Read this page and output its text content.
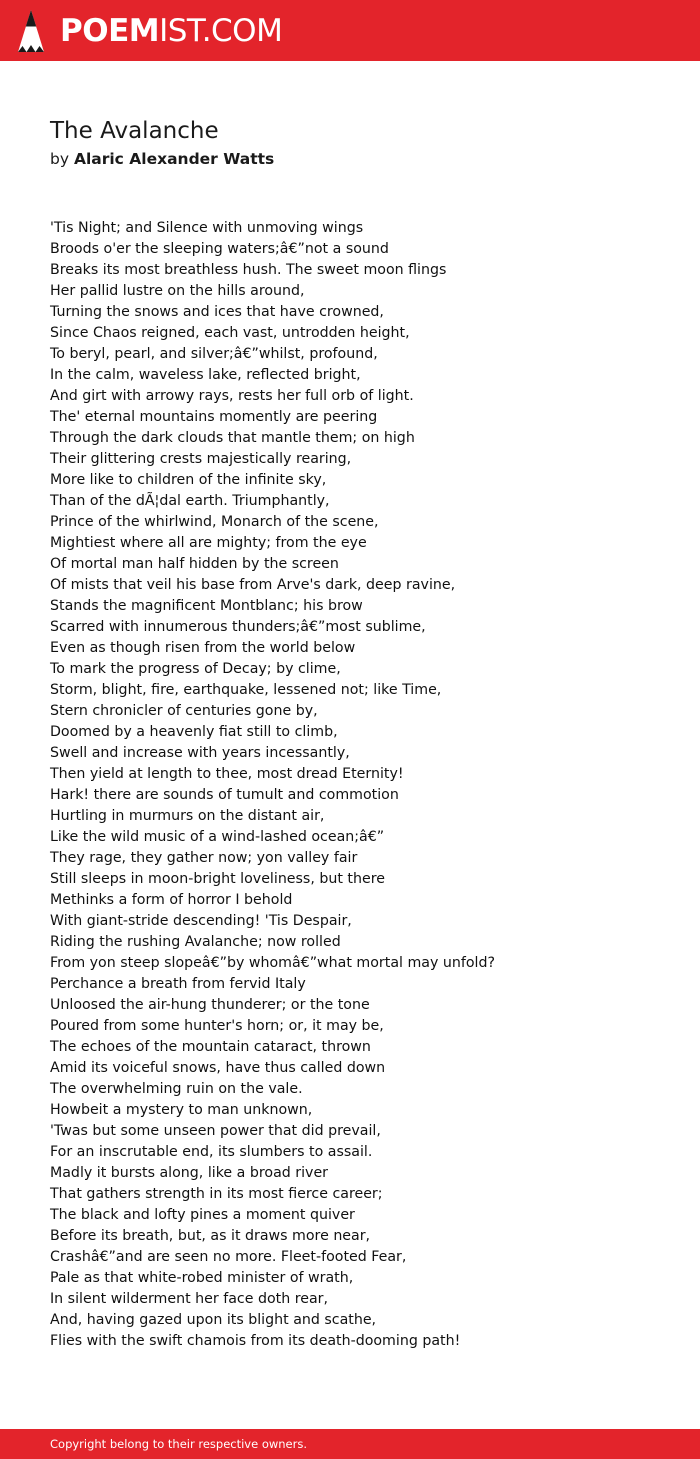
POEMIST.COM
The Avalanche

by Alaric Alexander Watts

'Tis Night; and Silence with unmoving wings
Broods o'er the sleeping waters;â€”not a sound
Breaks its most breathless hush. The sweet moon flings
Her pallid lustre on the hills around,
Turning the snows and ices that have crowned,
Since Chaos reigned, each vast, untrodden height,
To beryl, pearl, and silver;â€”whilst, profound,
In the calm, waveless lake, reflected bright,
And girt with arrowy rays, rests her full orb of light.
The' eternal mountains momently are peering
Through the dark clouds that mantle them; on high
Their glittering crests majestically rearing,
More like to children of the infinite sky,
Than of the dÃ¦dal earth. Triumphantly,
Prince of the whirlwind, Monarch of the scene,
Mightiest where all are mighty; from the eye
Of mortal man half hidden by the screen
Of mists that veil his base from Arve's dark, deep ravine,
Stands the magnificent Montblanc; his brow
Scarred with innumerous thunders;â€”most sublime,
Even as though risen from the world below
To mark the progress of Decay; by clime,
Storm, blight, fire, earthquake, lessened not; like Time,
Stern chronicler of centuries gone by,
Doomed by a heavenly fiat still to climb,
Swell and increase with years incessantly,
Then yield at length to thee, most dread Eternity!
Hark! there are sounds of tumult and commotion
Hurtling in murmurs on the distant air,
Like the wild music of a wind-lashed ocean;â€”
They rage, they gather now; yon valley fair
Still sleeps in moon-bright loveliness, but there
Methinks a form of horror I behold
With giant-stride descending! 'Tis Despair,
Riding the rushing Avalanche; now rolled
From yon steep slopeâ€”by whomâ€”what mortal may unfold?
Perchance a breath from fervid Italy
Unloosed the air-hung thunderer; or the tone
Poured from some hunter's horn; or, it may be,
The echoes of the mountain cataract, thrown
Amid its voiceful snows, have thus called down
The overwhelming ruin on the vale.
Howbeit a mystery to man unknown,
'Twas but some unseen power that did prevail,
For an inscrutable end, its slumbers to assail.
Madly it bursts along, like a broad river
That gathers strength in its most fierce career;
The black and lofty pines a moment quiver
Before its breath, but, as it draws more near,
Crashâ€”and are seen no more. Fleet-footed Fear,
Pale as that white-robed minister of wrath,
In silent wilderment her face doth rear,
And, having gazed upon its blight and scathe,
Flies with the swift chamois from its death-dooming path!
Copyright belong to their respective owners.
